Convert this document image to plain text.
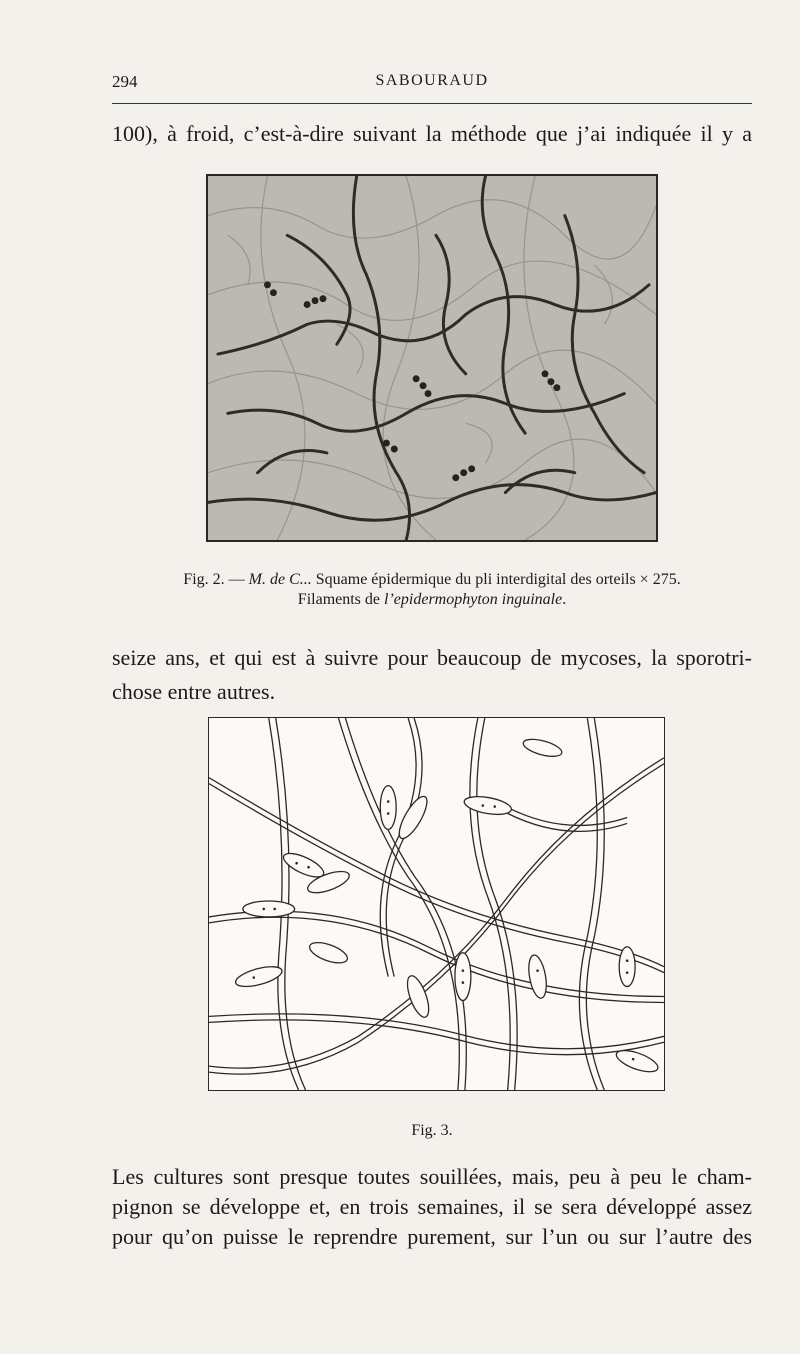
294	SABOURAUD

100), à froid, c’est-à-dire suivant la méthode que j’ai indiquée il y a

Fig. 2. — M. de C... Squame épidermique du pli interdigital des orteils × 275.
Filaments de l’epidermophyton inguinale.

seize ans, et qui est à suivre pour beaucoup de mycoses, la sporotri-

chose entre autres.

Fig. 3.

Les cultures sont presque toutes souillées, mais, peu à peu le cham-

pignon se développe et, en trois semaines, il se sera développé assez

pour qu’on puisse le reprendre purement, sur l’un ou sur l’autre des
